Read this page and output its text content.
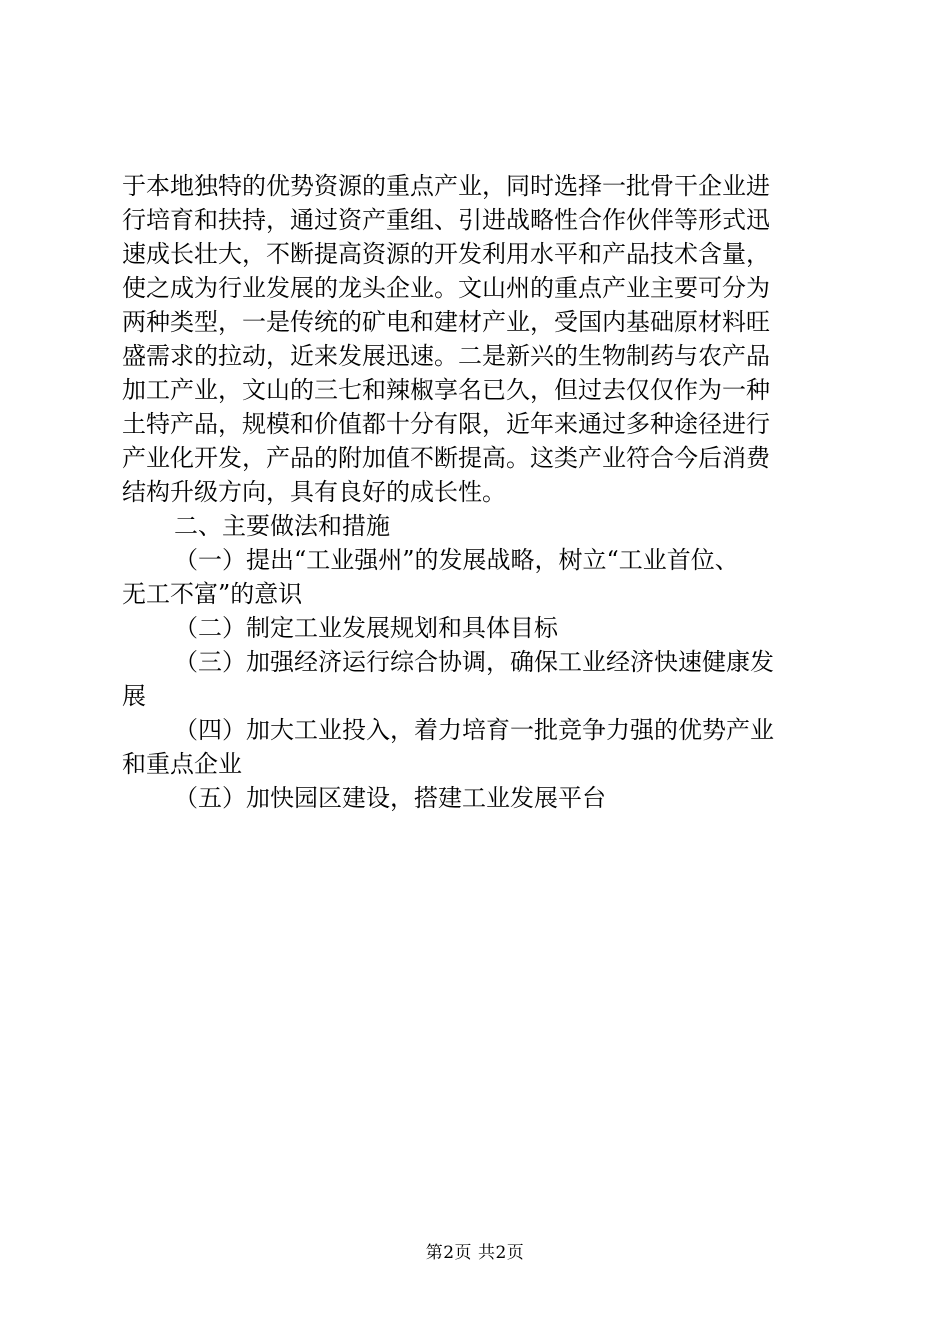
于本地独特的优势资源的重点产业，同时选择一批骨干企业进
行培育和扶持，通过资产重组、引进战略性合作伙伴等形式迅
速成长壮大，不断提高资源的开发利用水平和产品技术含量，
使之成为行业发展的龙头企业。文山州的重点产业主要可分为
两种类型，一是传统的矿电和建材产业，受国内基础原材料旺
盛需求的拉动，近来发展迅速。二是新兴的生物制药与农产品
加工产业，文山的三七和辣椒享名已久，但过去仅仅作为一种
土特产品，规模和价值都十分有限，近年来通过多种途径进行
产业化开发，产品的附加值不断提高。这类产业符合今后消费
结构升级方向，具有良好的成长性。
二、主要做法和措施
（一）提出“工业强州”的发展战略，树立“工业首位、
无工不富”的意识
（二）制定工业发展规划和具体目标
（三）加强经济运行综合协调，确保工业经济快速健康发
展
（四）加大工业投入，着力培育一批竞争力强的优势产业
和重点企业
（五）加快园区建设，搭建工业发展平台
第2页 共2页
